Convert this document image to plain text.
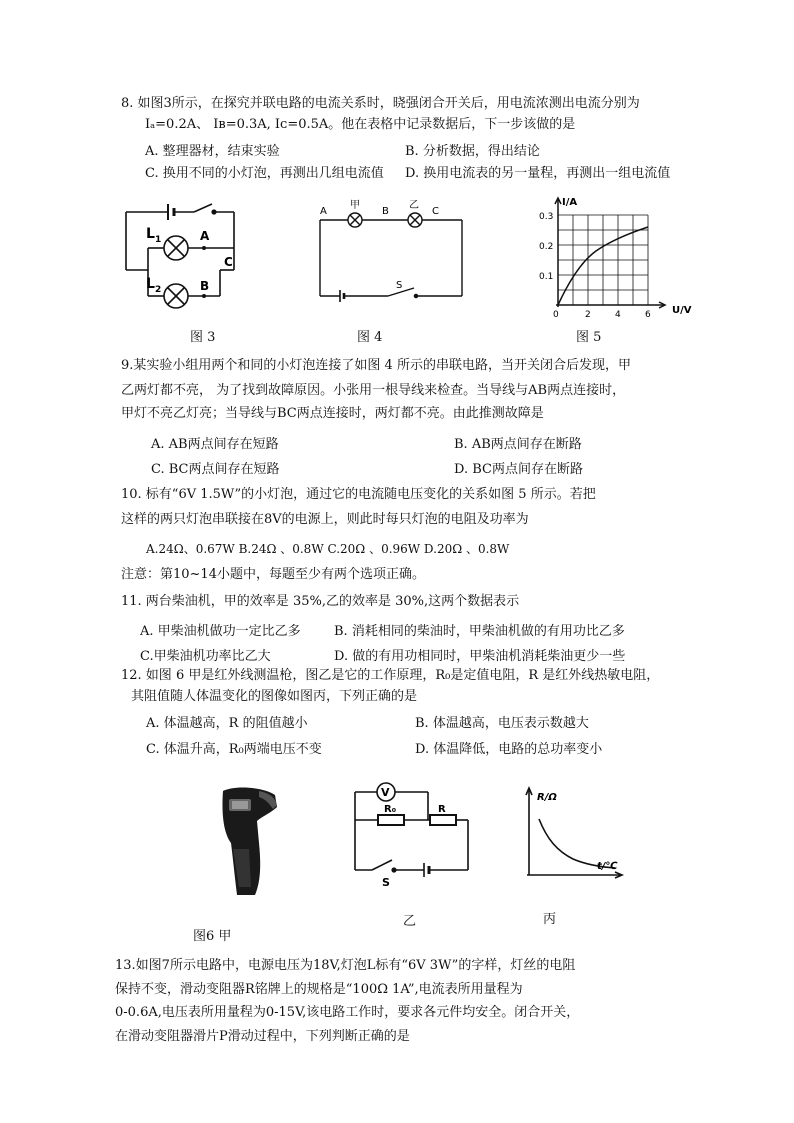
8. 如图3所示，在探究并联电路的电流关系时，晓强闭合开关后，用电流浓测出电流分别为
Iₐ=0.2A、 Iʙ=0.3A, Iᴄ=0.5A。他在表格中记录数据后，下一步该做的是
A. 整理器材，结束实验	B. 分析数据，得出结论
C. 换用不同的小灯泡，再测出几组电流值 D. 换用电流表的另一量程，再测出一组电流值
L 1
L 2
A
B
C
图 3
A
甲
B
乙
C
S
图 4
I/A
U/V
0.3
0.2
0.1
0	2	4	6
图 5
9.某实验小组用两个和同的小灯泡连接了如图 4 所示的串联电路，当开关闭合后发现，甲
乙两灯都不亮， 为了找到故障原因。小张用一根导线来检查。当导线与AB两点连接时，
甲灯不亮乙灯亮；当导线与BC两点连接时，两灯都不亮。由此推测故障是
A. AB两点间存在短路	B. AB两点间存在断路
C. BC两点间存在短路	D. BC两点间存在断路
10. 标有“6V 1.5W”的小灯泡，通过它的电流随电压变化的关系如图 5 所示。若把
这样的两只灯泡串联接在8V的电源上，则此时每只灯泡的电阻及功率为
A.24Ω、0.67W B.24Ω 、0.8W C.20Ω 、0.96W D.20Ω 、0.8W
注意：第10~14小题中，每题至少有两个选项正确。
11. 两台柴油机，甲的效率是 35%,乙的效率是 30%,这两个数据表示
A. 甲柴油机做功一定比乙多	B. 消耗相同的柴油时，甲柴油机做的有用功比乙多
C.甲柴油机功率比乙大	D. 做的有用功相同时，甲柴油机消耗柴油更少一些
12. 如图 6 甲是红外线测温枪，图乙是它的工作原理，R₀是定值电阻，R 是红外线热敏电阻，
其阻值随人体温变化的图像如图丙，下列正确的是
A. 体温越高，R 的阻值越小	B. 体温越高，电压表示数越大
C. 体温升高，R₀两端电压不变	D. 体温降低，电路的总功率变小
图6 甲
V
R₀	R
S
乙
R/Ω
t/℃
丙
13.如图7所示电路中，电源电压为18V,灯泡L标有“6V 3W”的字样，灯丝的电阻
保持不变，滑动变阻器R铭牌上的规格是“100Ω 1A”,电流表所用量程为
0-0.6A,电压表所用量程为0-15V,该电路工作时，要求各元件均安全。闭合开关，
在滑动变阻器滑片P滑动过程中，下列判断正确的是
